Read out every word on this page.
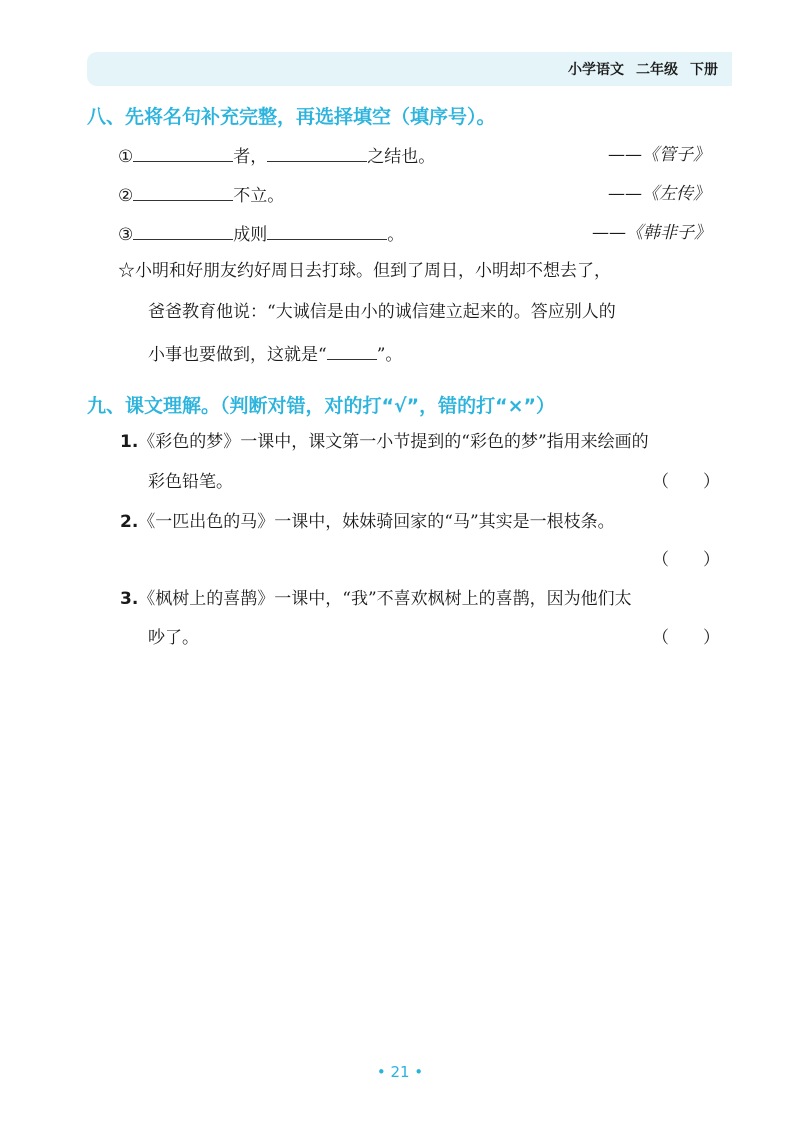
小学语文 二年级 下册
八、先将名句补充完整，再选择填空（填序号）。
①	者，	之结也。	——《管子》
②	不立。	——《左传》
③	成则	。	——《韩非子》
☆小明和好朋友约好周日去打球。但到了周日，小明却不想去了，
爸爸教育他说：“大诚信是由小的诚信建立起来的。答应别人的
小事也要做到，这就是“	”。
九、课文理解。（判断对错，对的打“√”，错的打“×”）
1.《彩色的梦》一课中，课文第一小节提到的“彩色的梦”指用来绘画的
彩色铅笔。	（　　）
2.《一匹出色的马》一课中，妹妹骑回家的“马”其实是一根枝条。
（　　）
3.《枫树上的喜鹊》一课中，“我”不喜欢枫树上的喜鹊，因为他们太
吵了。	（　　）
• 21 •
